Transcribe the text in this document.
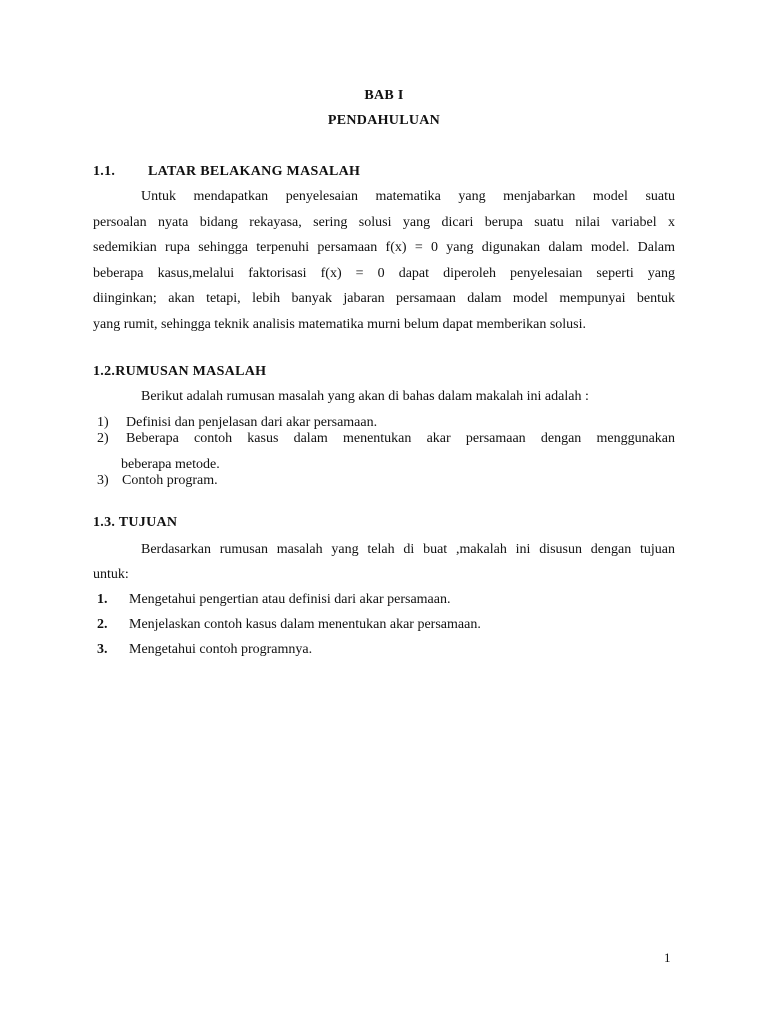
BAB I
PENDAHULUAN
1.1. LATAR BELAKANG MASALAH
Untuk mendapatkan penyelesaian matematika yang menjabarkan model suatu
persoalan nyata bidang rekayasa, sering solusi yang dicari berupa suatu nilai variabel x
sedemikian rupa sehingga terpenuhi persamaan f(x) = 0 yang digunakan dalam model. Dalam
beberapa kasus,melalui faktorisasi f(x) = 0 dapat diperoleh penyelesaian seperti yang
diinginkan; akan tetapi, lebih banyak jabaran persamaan dalam model mempunyai bentuk
yang rumit, sehingga teknik analisis matematika murni belum dapat memberikan solusi.
1.2.RUMUSAN MASALAH
Berikut adalah rumusan masalah yang akan di bahas dalam makalah ini adalah :
1) Definisi dan penjelasan dari akar persamaan.
2) Beberapa contoh kasus dalam menentukan akar persamaan dengan menggunakan
beberapa metode.
3) Contoh program.
1.3. TUJUAN
Berdasarkan rumusan masalah yang telah di buat ,makalah ini disusun dengan tujuan
untuk:
1. Mengetahui pengertian atau definisi dari akar persamaan.
2. Menjelaskan contoh kasus dalam menentukan akar persamaan.
3. Mengetahui contoh programnya.
1
